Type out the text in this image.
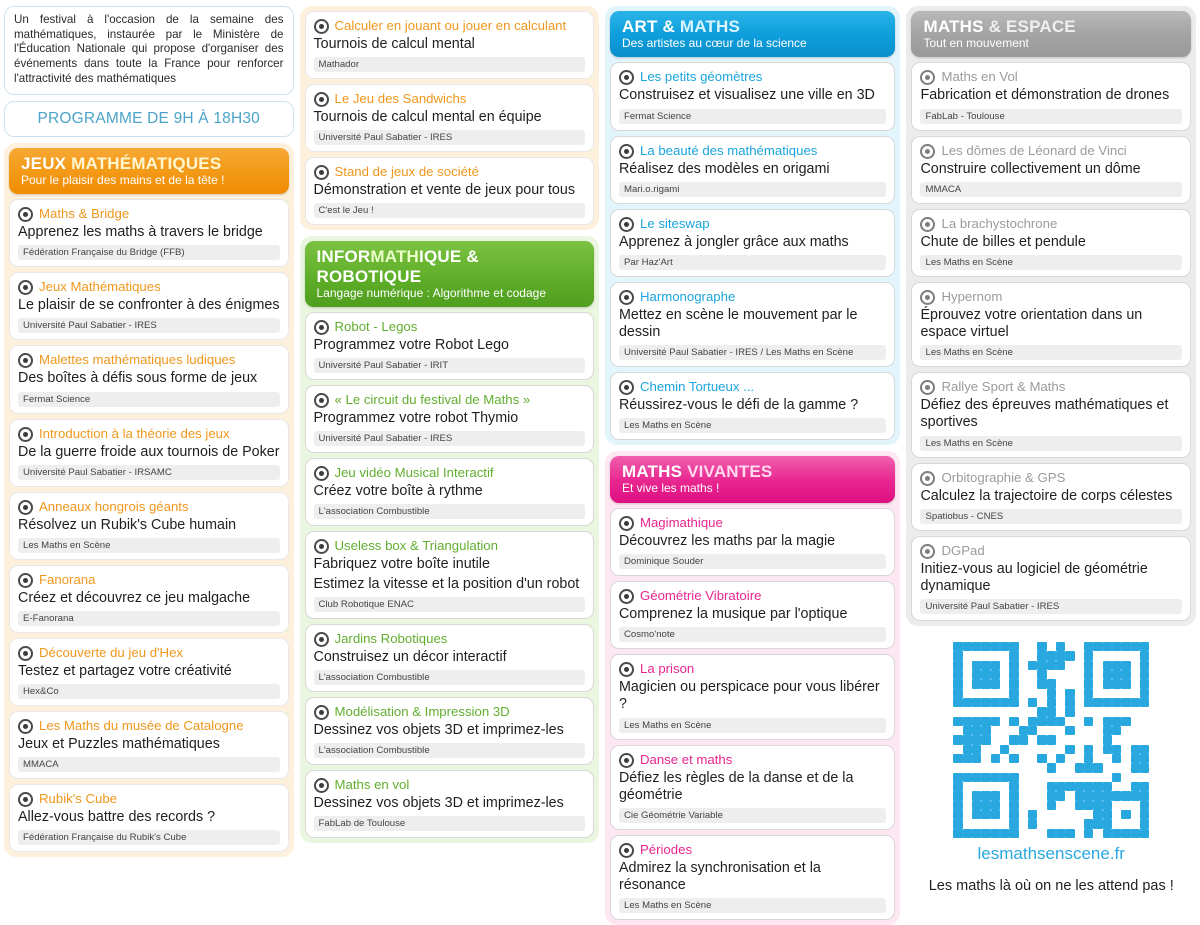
Un festival à l'occasion de la semaine des mathématiques, instaurée par le Ministère de l'Éducation Nationale qui propose d'organiser des événements dans toute la France pour renforcer l'attractivité des mathématiques
PROGRAMME DE 9H À 18H30
JEUX MATHÉMATIQUES
Pour le plaisir des mains et de la tête !
Maths & Bridge
Apprenez les maths à travers le bridge
Fédération Française du Bridge (FFB)
Jeux Mathématiques
Le plaisir de se confronter à des énigmes
Université Paul Sabatier - IRES
Malettes mathématiques ludiques
Des boîtes à défis sous forme de jeux
Fermat Science
Introduction à la théorie des jeux
De la guerre froide aux tournois de Poker
Université Paul Sabatier - IRSAMC
Anneaux hongrois géants
Résolvez un Rubik's Cube humain
Les Maths en Scène
Fanorana
Créez et découvrez ce jeu malgache
E-Fanorana
Découverte du jeu d'Hex
Testez et partagez votre créativité
Hex&Co
Les Maths du musée de Catalogne
Jeux et Puzzles mathématiques
MMACA
Rubik's Cube
Allez-vous battre des records ?
Fédération Française du Rubik's Cube
Calculer en jouant ou jouer en calculant
Tournois de calcul mental
Mathador
Le Jeu des Sandwichs
Tournois de calcul mental en équipe
Université Paul Sabatier - IRES
Stand de jeux de société
Démonstration et vente de jeux pour tous
C'est le Jeu !
INFORMATHIQUE & ROBOTIQUE
Langage numérique : Algorithme et codage
Robot - Legos
Programmez votre Robot Lego
Université Paul Sabatier - IRIT
« Le circuit du festival de Maths »
Programmez votre robot Thymio
Université Paul Sabatier - IRES
Jeu vidéo Musical Interactif
Créez votre boîte à rythme
L'association Combustible
Useless box & Triangulation
Fabriquez votre boîte inutile
Estimez la vitesse et la position d'un robot
Club Robotique ENAC
Jardins Robotiques
Construisez un décor interactif
L'association Combustible
Modélisation & Impression 3D
Dessinez vos objets 3D et imprimez-les
L'association Combustible
Maths en vol
Dessinez vos objets 3D et imprimez-les
FabLab de Toulouse
ART & MATHS
Des artistes au cœur de la science
Les petits géomètres
Construisez et visualisez une ville en 3D
Fermat Science
La beauté des mathématiques
Réalisez des modèles en origami
Mari.o.rigami
Le siteswap
Apprenez à jongler grâce aux maths
Par Haz'Art
Harmonographe
Mettez en scène le mouvement par le dessin
Université Paul Sabatier - IRES / Les Maths en Scène
Chemin Tortueux ...
Réussirez-vous le défi de la gamme ?
Les Maths en Scène
MATHS VIVANTES
Et vive les maths !
Magimathique
Découvrez les maths par la magie
Dominique Souder
Géométrie Vibratoire
Comprenez la musique par l'optique
Cosmo'note
La prison
Magicien ou perspicace pour vous libérer ?
Les Maths en Scène
Danse et maths
Défiez les règles de la danse et de la géométrie
Cie Géométrie Variable
Périodes
Admirez la synchronisation et la résonance
Les Maths en Scène
MATHS & ESPACE
Tout en mouvement
Maths en Vol
Fabrication et démonstration de drones
FabLab - Toulouse
Les dômes de Léonard de Vinci
Construire collectivement un dôme
MMACA
La brachystochrone
Chute de billes et pendule
Les Maths en Scène
Hypernom
Éprouvez votre orientation dans un espace virtuel
Les Maths en Scène
Rallye Sport & Maths
Défiez des épreuves mathématiques et sportives
Les Maths en Scène
Orbitographie & GPS
Calculez la trajectoire de corps célestes
Spatiobus - CNES
DGPad
Initiez-vous au logiciel de géométrie dynamique
Université Paul Sabatier - IRES
lesmathsenscene.fr
Les maths là où on ne les attend pas !
